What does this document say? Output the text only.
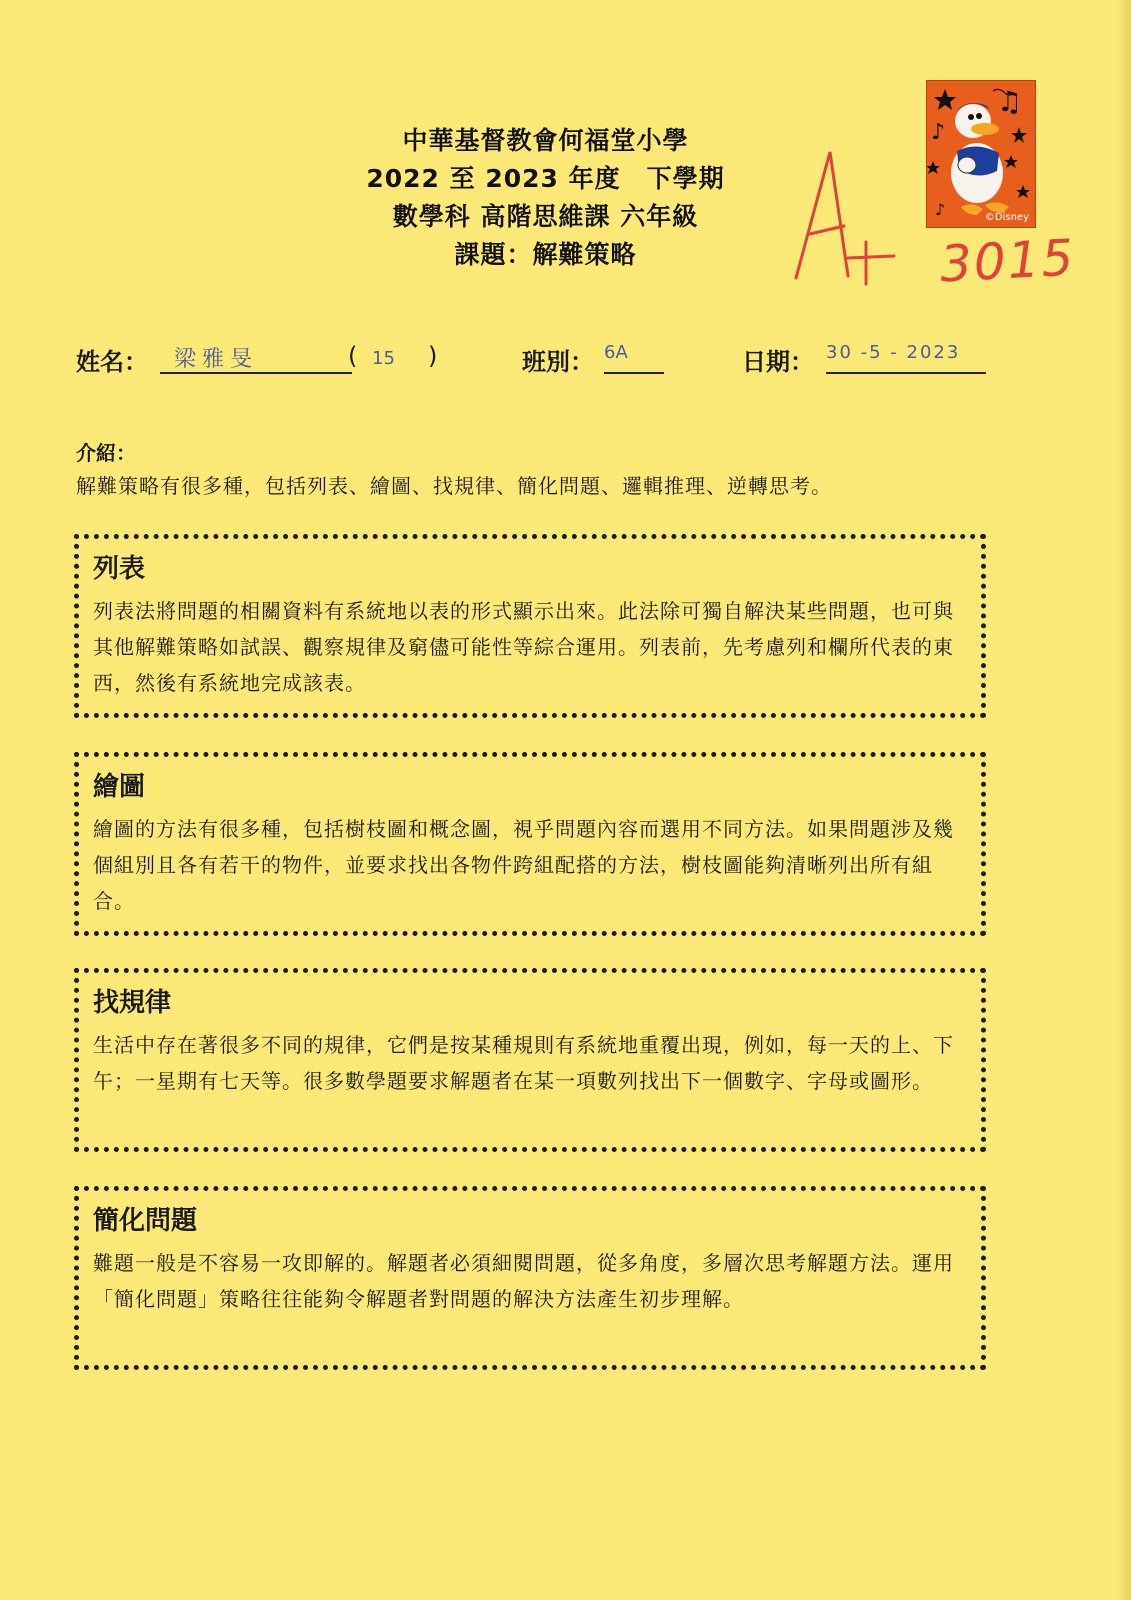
中華基督教會何福堂小學
2022 至 2023 年度　下學期
數學科 高階思維課 六年級
課題：解難策略
♫
♪
♪	©Disney
3015
姓名：	梁雅旻	( 15 )	班別： 6A	日期： 30 -5 - 2023
介紹：
解難策略有很多種，包括列表、繪圖、找規律、簡化問題、邏輯推理、逆轉思考。
列表
列表法將問題的相關資料有系統地以表的形式顯示出來。此法除可獨自解決某些問題，也可與其他解難策略如試誤、觀察規律及窮儘可能性等綜合運用。列表前，先考慮列和欄所代表的東西，然後有系統地完成該表。
繪圖
繪圖的方法有很多種，包括樹枝圖和概念圖，視乎問題內容而選用不同方法。如果問題涉及幾個組別且各有若干的物件，並要求找出各物件跨組配搭的方法，樹枝圖能夠清晰列出所有組合。
找規律
生活中存在著很多不同的規律，它們是按某種規則有系統地重覆出現，例如，每一天的上、下午；一星期有七天等。很多數學題要求解題者在某一項數列找出下一個數字、字母或圖形。
簡化問題
難題一般是不容易一攻即解的。解題者必須細閱問題，從多角度，多層次思考解題方法。運用「簡化問題」策略往往能夠令解題者對問題的解決方法產生初步理解。
